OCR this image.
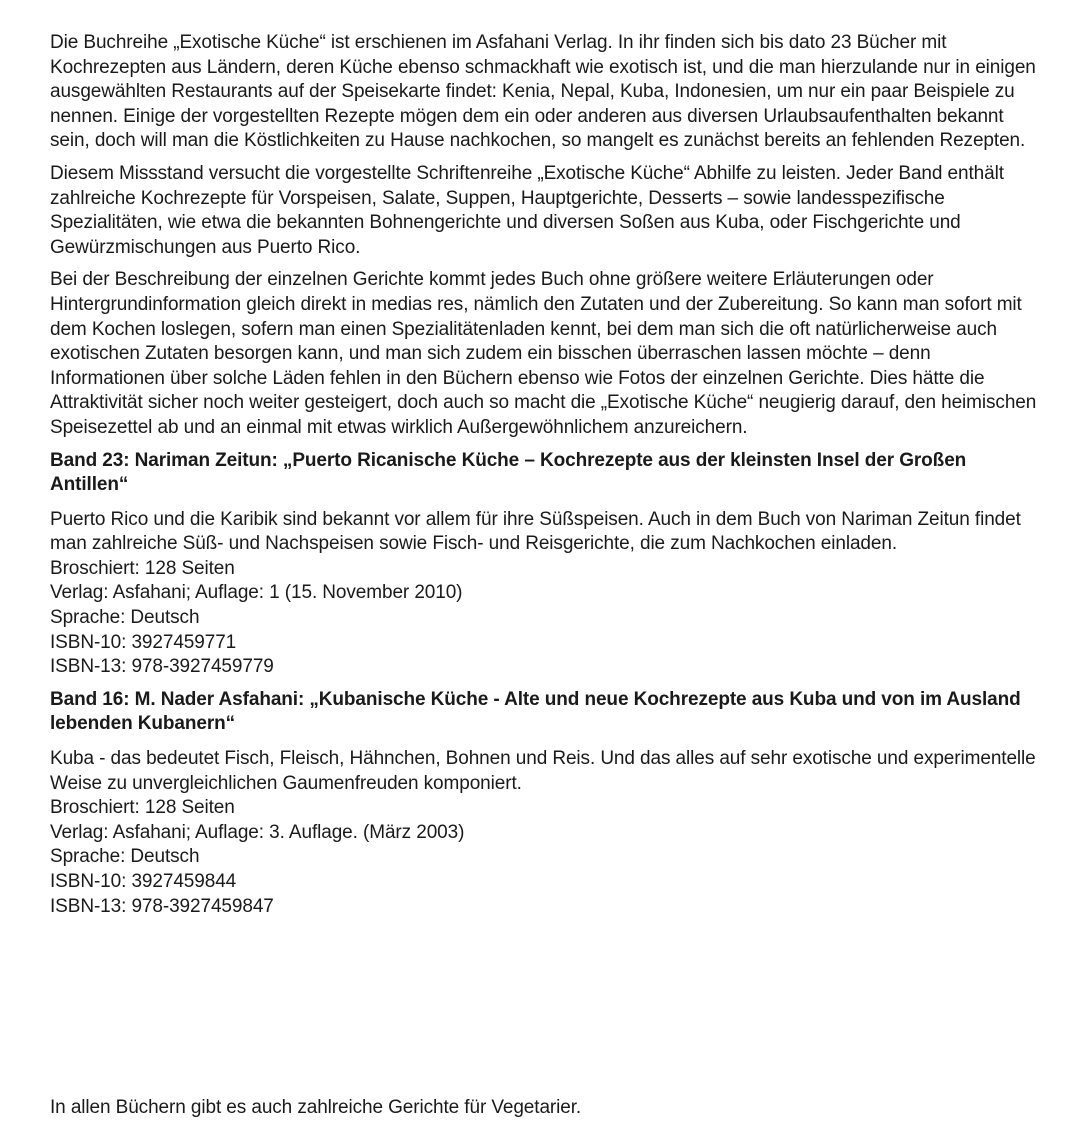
Die Buchreihe „Exotische Küche“ ist erschienen im Asfahani Verlag. In ihr finden sich bis dato 23 Bücher mit Kochrezepten aus Ländern, deren Küche ebenso schmackhaft wie exotisch ist, und die man hierzulande nur in einigen ausgewählten Restaurants auf der Speisekarte findet: Kenia, Nepal, Kuba, Indonesien, um nur ein paar Beispiele zu nennen. Einige der vorgestellten Rezepte mögen dem ein oder anderen aus diversen Urlaubsaufenthalten bekannt sein, doch will man die Köstlichkeiten zu Hause nachkochen, so mangelt es zunächst bereits an fehlenden Rezepten.

Diesem Missstand versucht die vorgestellte Schriftenreihe „Exotische Küche“ Abhilfe zu leisten. Jeder Band enthält zahlreiche Kochrezepte für Vorspeisen, Salate, Suppen, Hauptgerichte, Desserts – sowie landesspezifische Spezialitäten, wie etwa die bekannten Bohnengerichte und diversen Soßen aus Kuba, oder Fischgerichte und Gewürzmischungen aus Puerto Rico.

Bei der Beschreibung der einzelnen Gerichte kommt jedes Buch ohne größere weitere Erläuterungen oder Hintergrundinformation gleich direkt in medias res, nämlich den Zutaten und der Zubereitung. So kann man sofort mit dem Kochen loslegen, sofern man einen Spezialitätenladen kennt, bei dem man sich die oft natürlicherweise auch exotischen Zutaten besorgen kann, und man sich zudem ein bisschen überraschen lassen möchte – denn Informationen über solche Läden fehlen in den Büchern ebenso wie Fotos der einzelnen Gerichte. Dies hätte die Attraktivität sicher noch weiter gesteigert, doch auch so macht die „Exotische Küche“ neugierig darauf, den heimischen Speisezettel ab und an einmal mit etwas wirklich Außergewöhnlichem anzureichern.

Band 23: Nariman Zeitun: „Puerto Ricanische Küche – Kochrezepte aus der kleinsten Insel der Großen Antillen“

Puerto Rico und die Karibik sind bekannt vor allem für ihre Süßspeisen. Auch in dem Buch von Nariman Zeitun findet man zahlreiche Süß- und Nachspeisen sowie Fisch- und Reisgerichte, die zum Nachkochen einladen.
Broschiert: 128 Seiten
Verlag: Asfahani; Auflage: 1 (15. November 2010)
Sprache: Deutsch
ISBN-10: 3927459771
ISBN-13: 978-3927459779

Band 16: M. Nader Asfahani: „Kubanische Küche - Alte und neue Kochrezepte aus Kuba und von im Ausland lebenden Kubanern“

Kuba - das bedeutet Fisch, Fleisch, Hähnchen, Bohnen und Reis. Und das alles auf sehr exotische und experimentelle Weise zu unvergleichlichen Gaumenfreuden komponiert.
Broschiert: 128 Seiten
Verlag: Asfahani; Auflage: 3. Auflage. (März 2003)
Sprache: Deutsch
ISBN-10: 3927459844
ISBN-13: 978-3927459847

In allen Büchern gibt es auch zahlreiche Gerichte für Vegetarier.
